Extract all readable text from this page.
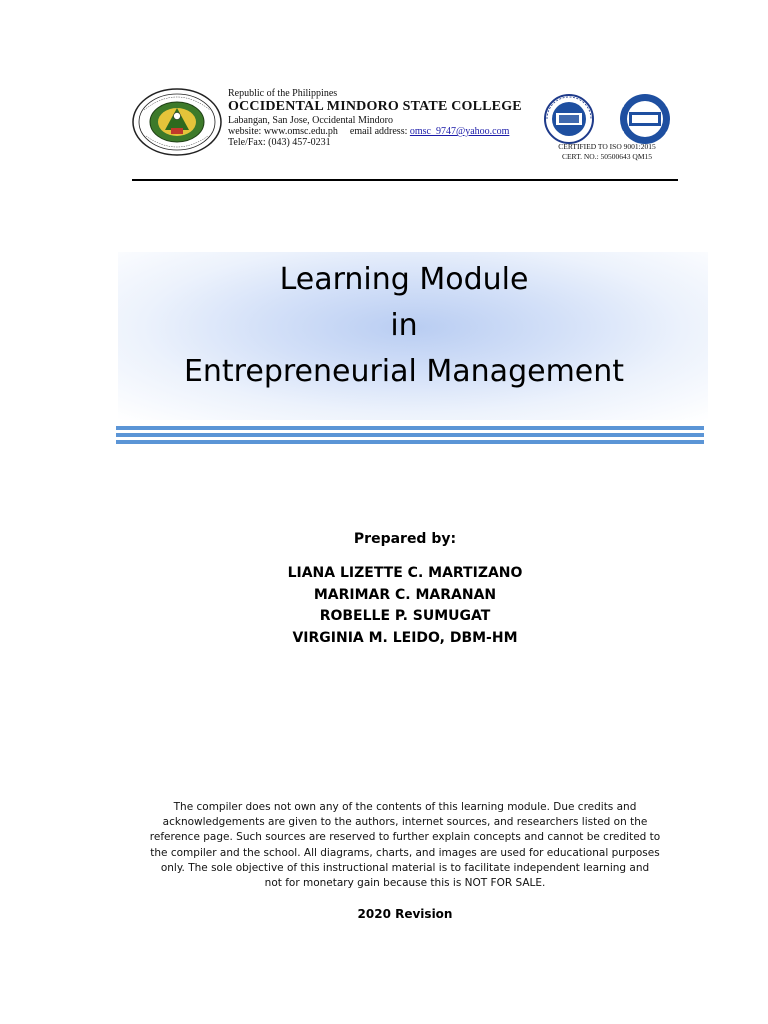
Republic of the Philippines
OCCIDENTAL MINDORO STATE COLLEGE
Labangan, San Jose, Occidental Mindoro
website: www.omsc.edu.ph email address: omsc_9747@yahoo.com
Tele/Fax: (043) 457-0231	CERTIFIED TO ISO 9001:2015
CERT. NO.: 50500643 QM15
Learning Module
in
Entrepreneurial Management
Prepared by:
LIANA LIZETTE C. MARTIZANO
MARIMAR C. MARANAN
ROBELLE P. SUMUGAT
VIRGINIA M. LEIDO, DBM-HM
The compiler does not own any of the contents of this learning module. Due credits and
acknowledgements are given to the authors, internet sources, and researchers listed on the
reference page. Such sources are reserved to further explain concepts and cannot be credited to
the compiler and the school. All diagrams, charts, and images are used for educational purposes
only. The sole objective of this instructional material is to facilitate independent learning and
not for monetary gain because this is NOT FOR SALE.
2020 Revision
